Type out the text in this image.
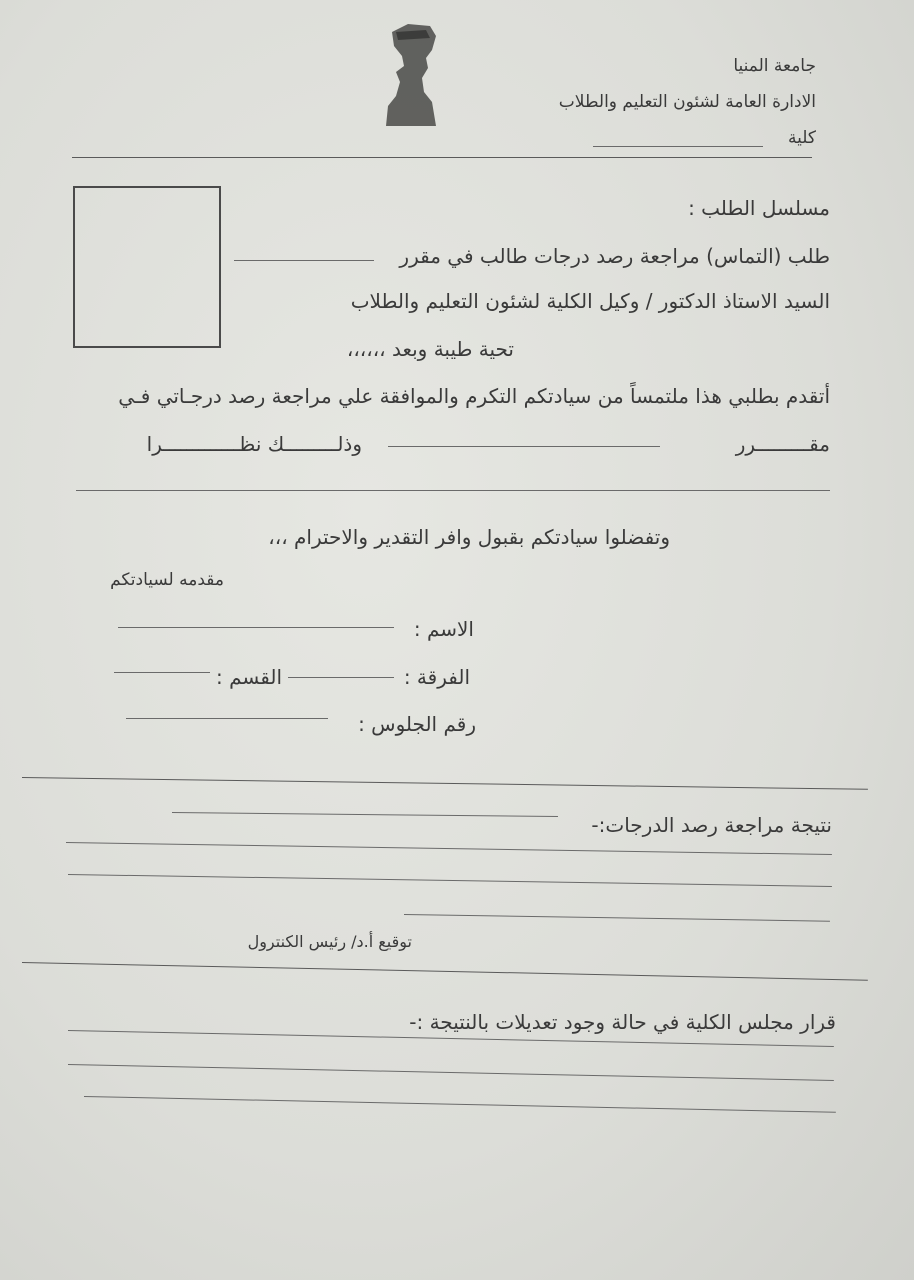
جامعة المنيا
الادارة العامة لشئون التعليم والطلاب
كلية
مسلسل الطلب :
طلب (التماس) مراجعة رصد درجات طالب في مقرر
السيد الاستاذ الدكتور / وكيل الكلية لشئون التعليم والطلاب
تحية طيبة وبعد ،،،،،،
أتقدم بطلبي هذا ملتمساً من سيادتكم التكرم والموافقة علي مراجعة رصد درجـاتي فـي
مقـــــــــرر
وذلـــــــــك نظـــــــــــــرا
وتفضلوا سيادتكم بقبول وافر التقدير والاحترام ،،،
مقدمه لسيادتكم
الاسم :
الفرقة :
القسم :
رقم الجلوس :
نتيجة مراجعة رصد الدرجات:-
توقيع أ.د/ رئيس الكنترول
قرار مجلس الكلية في حالة وجود تعديلات بالنتيجة :-
